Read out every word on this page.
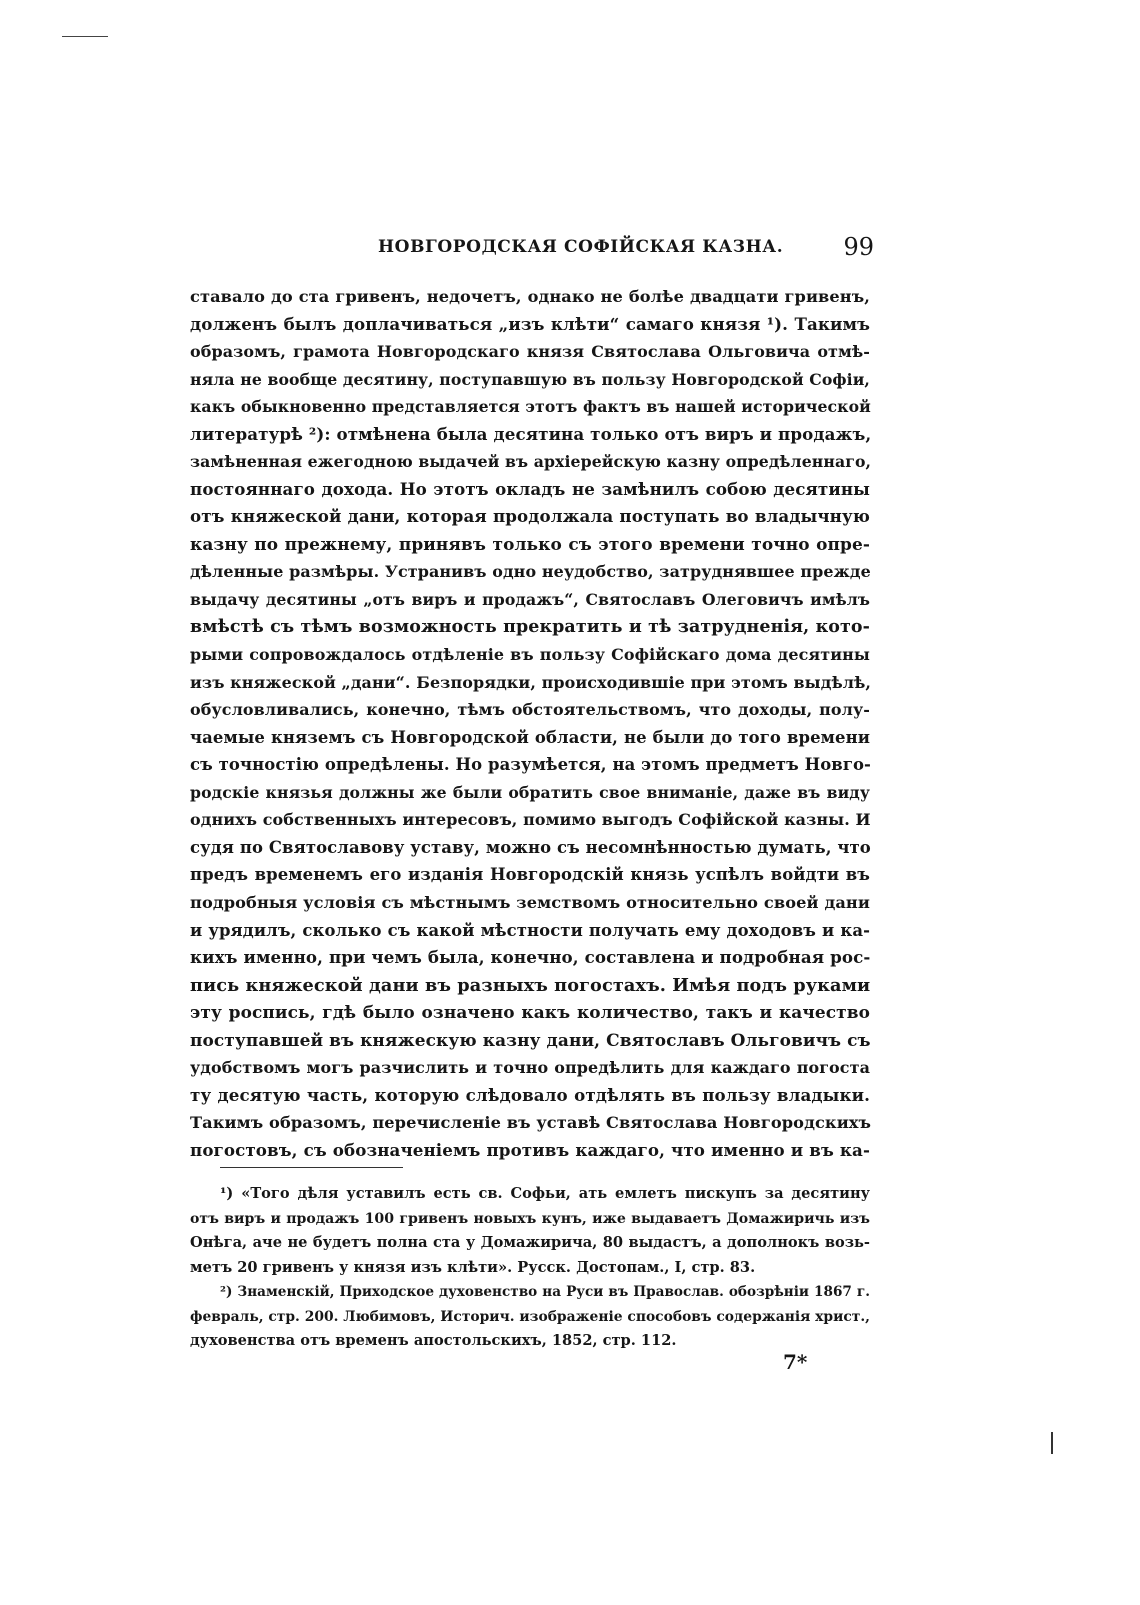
НОВГОРОДСКАЯ СОФІЙСКАЯ КАЗНА.	99
ставало до ста гривенъ, недочетъ, однако не болѣе двадцати гривенъ,
долженъ былъ доплачиваться „изъ клѣти“ самаго князя ¹). Такимъ
образомъ, грамота Новгородскаго князя Святослава Ольговича отмѣ-
няла не вообще десятину, поступавшую въ пользу Новгородской Софіи,
какъ обыкновенно представляется этотъ фактъ въ нашей исторической
литературѣ ²): отмѣнена была десятина только отъ виръ и продажъ,
замѣненная ежегодною выдачей въ архіерейскую казну опредѣленнаго,
постояннаго дохода. Но этотъ окладъ не замѣнилъ собою десятины
отъ княжеской дани, которая продолжала поступать во владычную
казну по прежнему, принявъ только съ этого времени точно опре-
дѣленные размѣры. Устранивъ одно неудобство, затруднявшее прежде
выдачу десятины „отъ виръ и продажъ“, Святославъ Олеговичъ имѣлъ
вмѣстѣ съ тѣмъ возможность прекратить и тѣ затрудненія, кото-
рыми сопровождалось отдѣленіе въ пользу Софійскаго дома десятины
изъ княжеской „дани“. Безпорядки, происходившіе при этомъ выдѣлѣ,
обусловливались, конечно, тѣмъ обстоятельствомъ, что доходы, полу-
чаемые княземъ съ Новгородской области, не были до того времени
съ точностію опредѣлены. Но разумѣется, на этомъ предметъ Новго-
родскіе князья должны же были обратить свое вниманіе, даже въ виду
однихъ собственныхъ интересовъ, помимо выгодъ Софійской казны. И
судя по Святославову уставу, можно съ несомнѣнностью думать, что
предъ временемъ его изданія Новгородскій князь успѣлъ войдти въ
подробныя условія съ мѣстнымъ земствомъ относительно своей дани
и урядилъ, сколько съ какой мѣстности получать ему доходовъ и ка-
кихъ именно, при чемъ была, конечно, составлена и подробная рос-
пись княжеской дани въ разныхъ погостахъ. Имѣя подъ руками
эту роспись, гдѣ было означено какъ количество, такъ и качество
поступавшей въ княжескую казну дани, Святославъ Ольговичъ съ
удобствомъ могъ разчислить и точно опредѣлить для каждаго погоста
ту десятую часть, которую слѣдовало отдѣлять въ пользу владыки.
Такимъ образомъ, перечисленіе въ уставѣ Святослава Новгородскихъ
погостовъ, съ обозначеніемъ противъ каждаго, что именно и въ ка-
¹) «Того дѣля уставилъ есть св. Софьи, ать емлетъ пискупъ за десятину
отъ виръ и продажъ 100 гривенъ новыхъ кунъ, иже выдаваетъ Домажиричь изъ
Онѣга, аче не будетъ полна ста у Домажирича, 80 выдастъ, а дополнокъ возь-
метъ 20 гривенъ у князя изъ клѣти». Русск. Достопам., I, стр. 83.
²) Знаменскій, Приходское духовенство на Руси въ Православ. обозрѣніи 1867 г.
февраль, стр. 200. Любимовъ, Историч. изображеніе способовъ содержанія христ.,
духовенства отъ временъ апостольскихъ, 1852, стр. 112.
7*
